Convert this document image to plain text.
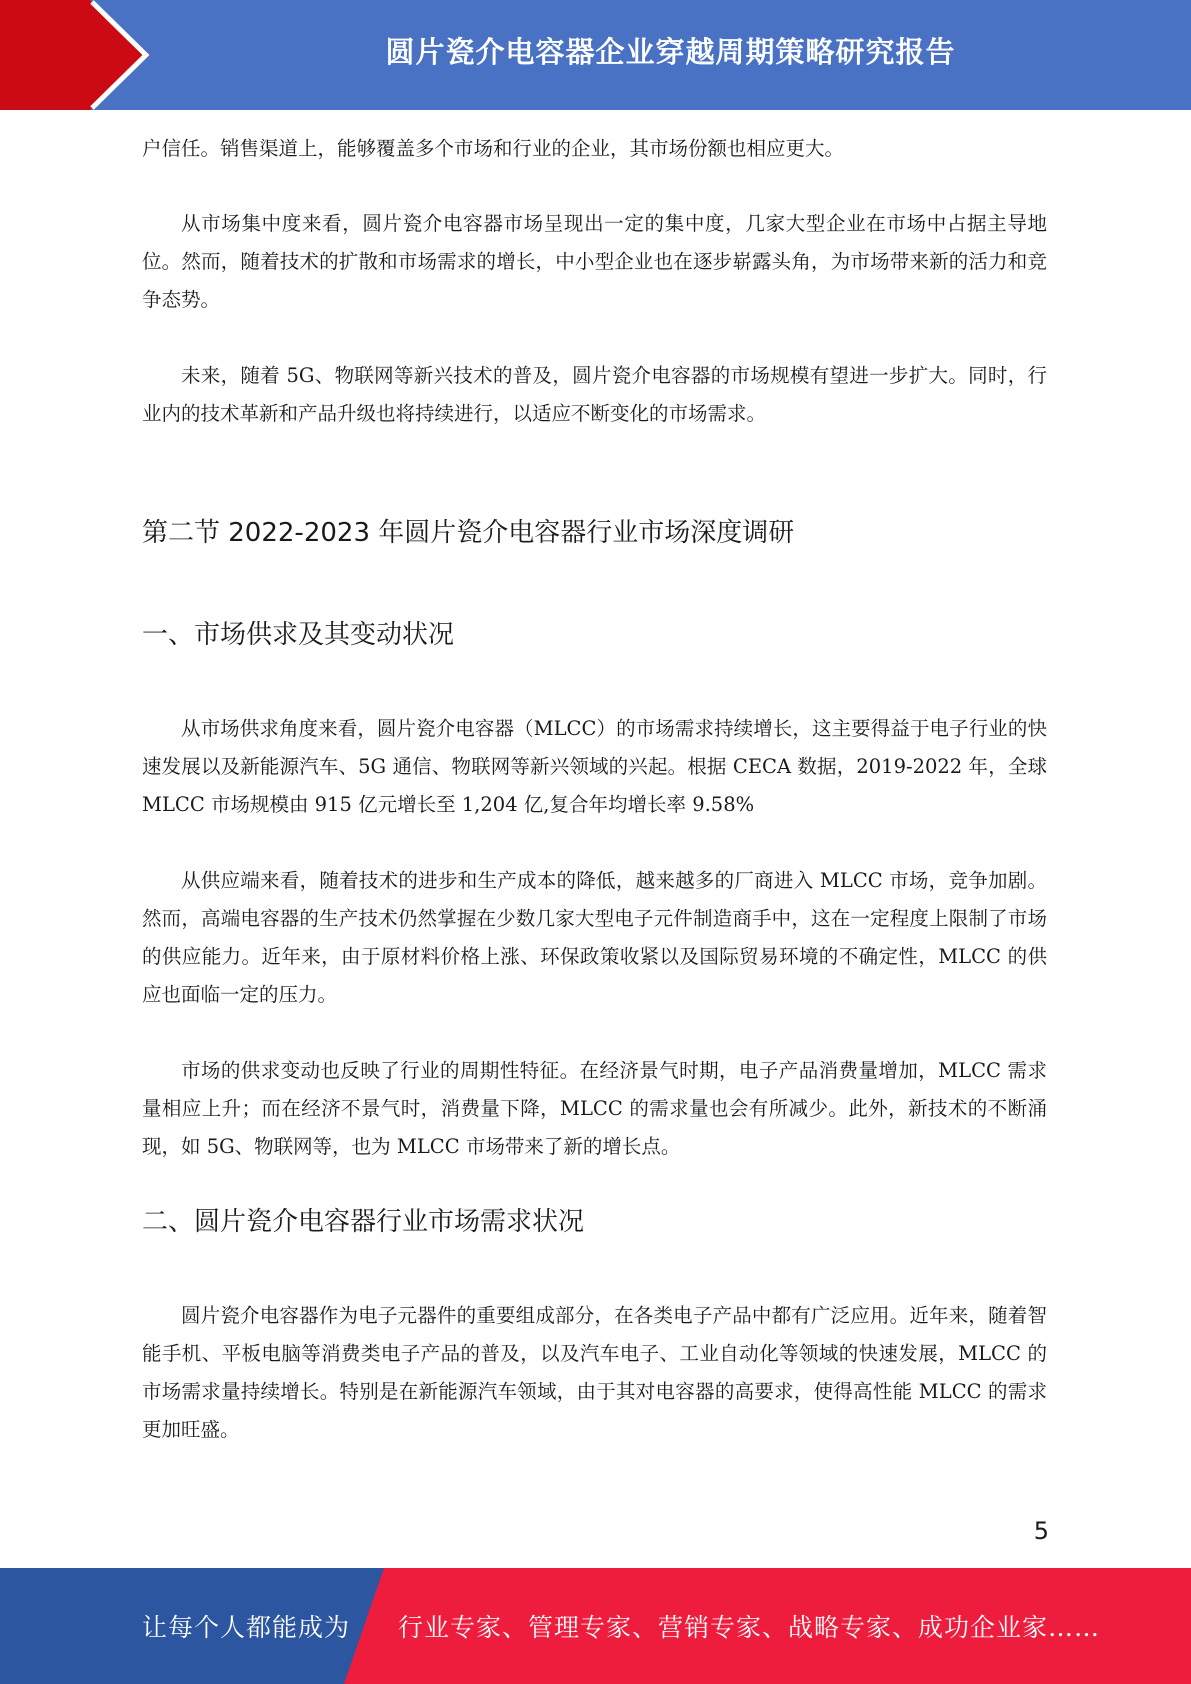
圆片瓷介电容器企业穿越周期策略研究报告

户信任。销售渠道上，能够覆盖多个市场和行业的企业，其市场份额也相应更大。

从市场集中度来看，圆片瓷介电容器市场呈现出一定的集中度，几家大型企业在市场中占据主导地位。然而，随着技术的扩散和市场需求的增长，中小型企业也在逐步崭露头角，为市场带来新的活力和竞争态势。

未来，随着 5G、物联网等新兴技术的普及，圆片瓷介电容器的市场规模有望进一步扩大。同时，行业内的技术革新和产品升级也将持续进行，以适应不断变化的市场需求。

第二节 2022-2023 年圆片瓷介电容器行业市场深度调研
一、市场供求及其变动状况

从市场供求角度来看，圆片瓷介电容器（MLCC）的市场需求持续增长，这主要得益于电子行业的快速发展以及新能源汽车、5G 通信、物联网等新兴领域的兴起。根据 CECA 数据，2019-2022 年，全球 MLCC 市场规模由 915 亿元增长至 1,204 亿,复合年均增长率 9.58%

从供应端来看，随着技术的进步和生产成本的降低，越来越多的厂商进入 MLCC 市场，竞争加剧。然而，高端电容器的生产技术仍然掌握在少数几家大型电子元件制造商手中，这在一定程度上限制了市场的供应能力。近年来，由于原材料价格上涨、环保政策收紧以及国际贸易环境的不确定性，MLCC 的供应也面临一定的压力。

市场的供求变动也反映了行业的周期性特征。在经济景气时期，电子产品消费量增加，MLCC 需求量相应上升；而在经济不景气时，消费量下降，MLCC 的需求量也会有所减少。此外，新技术的不断涌现，如 5G、物联网等，也为 MLCC 市场带来了新的增长点。

二、圆片瓷介电容器行业市场需求状况

圆片瓷介电容器作为电子元器件的重要组成部分，在各类电子产品中都有广泛应用。近年来，随着智能手机、平板电脑等消费类电子产品的普及，以及汽车电子、工业自动化等领域的快速发展，MLCC 的市场需求量持续增长。特别是在新能源汽车领域，由于其对电容器的高要求，使得高性能 MLCC 的需求更加旺盛。

5
让每个人都能成为 行业专家、管理专家、营销专家、战略专家、成功企业家……
